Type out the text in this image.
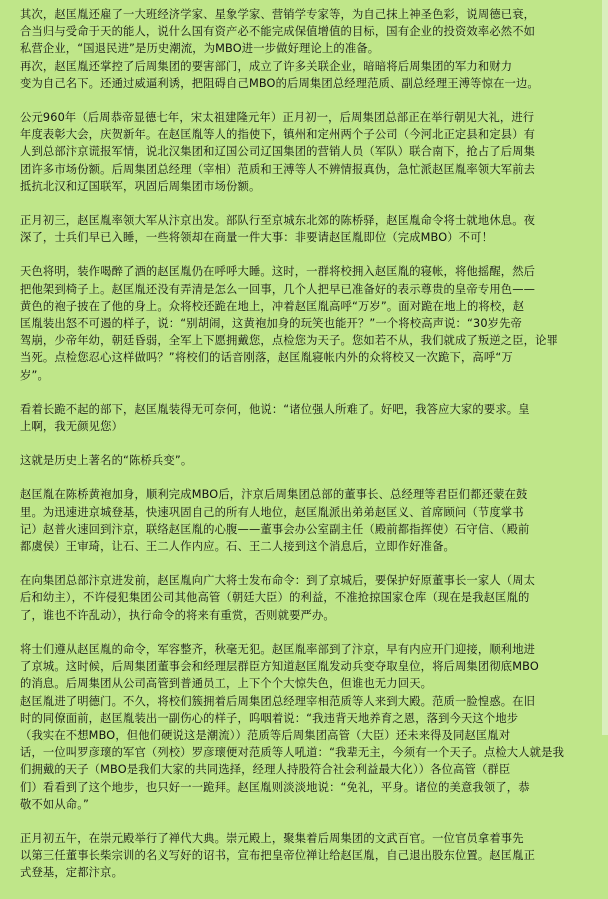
其次，赵匡胤还雇了一大班经济学家、星象学家、营销学专家等，为自己抹上神圣色彩，说周德已衰，
合当归与受命于天的能人，说什么国有资产必不能完成保值增值的目标，国有企业的投资效率必然不如
私营企业，“国退民进”是历史潮流，为MBO进一步做好理论上的准备。
再次，赵匡胤还掌控了后周集团的要害部门，成立了许多关联企业，暗暗将后周集团的军力和财力
变为自己名下。还通过威逼利诱，把阻碍自己MBO的后周集团总经理范质、副总经理王溥等惊在一边。

公元960年（后周恭帝显德七年，宋太祖建隆元年）正月初一，后周集团总部正在举行朝见大礼，进行
年度表彰大会，庆贺新年。在赵匡胤等人的指使下，镇州和定州两个子公司（今河北正定县和定县）有
人到总部汴京谎报军情，说北汉集团和辽国公司辽国集团的营销人员（军队）联合南下，抢占了后周集
团许多市场份额。后周集团总经理（宰相）范质和王溥等人不辨情报真伪，急忙派赵匡胤率领大军前去
抵抗北汉和辽国联军，巩固后周集团市场份额。

正月初三，赵匡胤率领大军从汴京出发。部队行至京城东北郊的陈桥驿，赵匡胤命令将士就地休息。夜
深了，士兵们早已入睡，一些将领却在商量一件大事：非要请赵匡胤即位（完成MBO）不可！

天色将明，装作喝醉了酒的赵匡胤仍在呼呼大睡。这时，一群将校拥入赵匡胤的寝帐，将他摇醒，然后
把他架到椅子上。赵匡胤还没有弄清是怎么一回事，几个人把早已准备好的表示尊贵的皇帝专用色——
黄色的袍子披在了他的身上。众将校还跪在地上，冲着赵匡胤高呼“万岁”。面对跪在地上的将校，赵
匡胤装出怒不可遏的样子，说：“别胡闹，这黄袍加身的玩笑也能开？”一个将校高声说：“30岁先帝
驾崩，少帝年幼，朝廷昏弱，全军上下愿拥戴您，点检您为天子。您如若不从，我们就成了叛逆之臣，论罪
当死。点检您忍心这样做吗？”将校们的话音刚落，赵匡胤寝帐内外的众将校又一次跪下，高呼“万
岁”。

看着长跪不起的部下，赵匡胤装得无可奈何，他说：“诸位强人所难了。好吧，我答应大家的要求。皇
上啊，我无颜见您）

这就是历史上著名的“陈桥兵变”。

赵匡胤在陈桥黄袍加身，顺利完成MBO后，汴京后周集团总部的董事长、总经理等君臣们都还蒙在鼓
里。为迅速进京城登基，快速巩固自己的所有人地位，赵匡胤派出弟弟赵匡义、首席顾问（节度掌书
记）赵普火速回到汴京，联络赵匡胤的心腹——董事会办公室副主任（殿前都指挥使）石守信、（殿前
都虞侯）王审琦，让石、王二人作内应。石、王二人接到这个消息后，立即作好准备。

在向集团总部汴京进发前，赵匡胤向广大将士发布命令：到了京城后，要保护好原董事长一家人（周太
后和幼主），不许侵犯集团公司其他高管（朝廷大臣）的利益，不准抢掠国家仓库（现在是我赵匡胤的
了，谁也不许乱动），执行命令的将来有重赏，否则就要严办。

将士们遵从赵匡胤的命令，军容整齐，秋毫无犯。赵匡胤率部到了汴京，早有内应开门迎接，顺利地进
了京城。这时候，后周集团董事会和经理层群臣方知道赵匡胤发动兵变夺取皇位，将后周集团彻底MBO
的消息。后周集团从公司高管到普通员工，上下个个大惊失色，但谁也无力回天。
赵匡胤进了明德门。不久，将校们簇拥着后周集团总经理宰相范质等人来到大殿。范质一脸惶惑。在旧
时的同僚面前，赵匡胤装出一副伤心的样子，呜咽着说：“我违背天地养育之恩，落到今天这个地步
（我实在不想MBO，但他们硬说这是潮流））范质等后周集团高管（大臣）还未来得及同赵匡胤对
话，一位叫罗彦瓌的军官（列校）罗彦瓌便对范质等人吼道：“我辈无主，今须有一个天子。点检大人就是我
们拥戴的天子（MBO是我们大家的共同选择，经理人持股符合社会利益最大化））各位高管（群臣
们）看看到了这个地步，也只好一一跪拜。赵匡胤则淡淡地说：“免礼，平身。诸位的美意我领了，恭
敬不如从命。”

正月初五午，在崇元殿举行了禅代大典。崇元殿上，聚集着后周集团的文武百官。一位官员拿着事先
以第三任董事长柴宗训的名义写好的诏书，宣布把皇帝位禅让给赵匡胤，自己退出股东位置。赵匡胤正
式登基，定都汴京。
